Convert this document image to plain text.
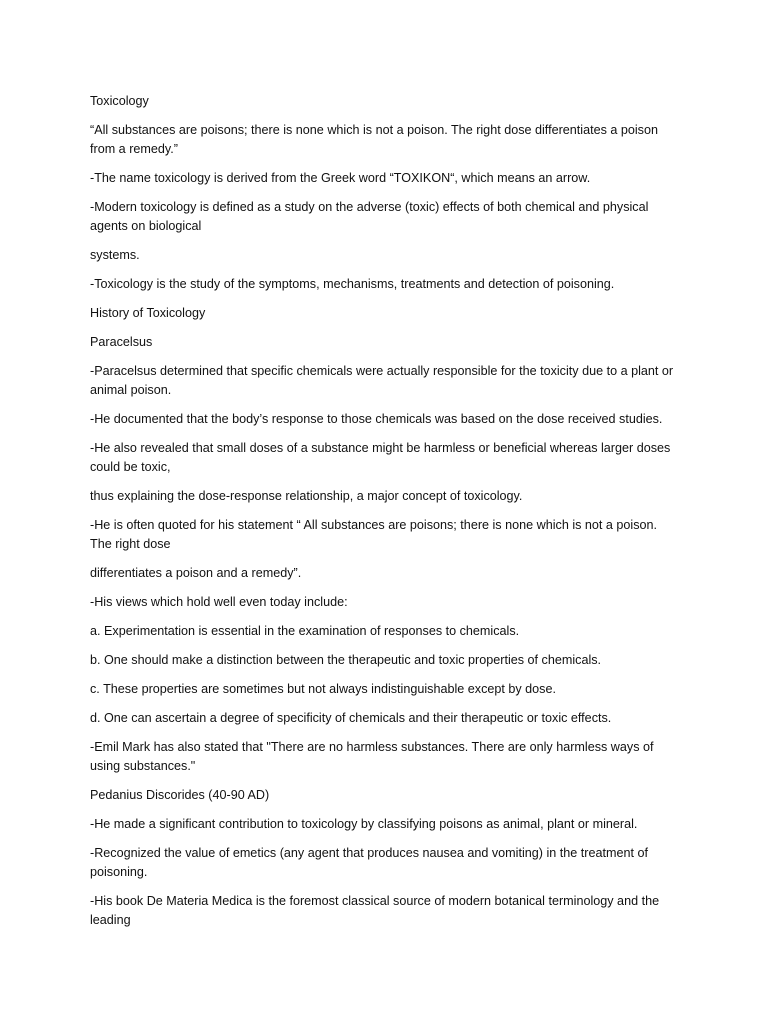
Toxicology

“All substances are poisons; there is none which is not a poison. The right dose differentiates a poison from a remedy.”

-The name toxicology is derived from the Greek word “TOXIKON“, which means an arrow.

-Modern toxicology is defined as a study on the adverse (toxic) effects of both chemical and physical agents on biological

systems.

-Toxicology is the study of the symptoms, mechanisms, treatments and detection of poisoning.

History of Toxicology

Paracelsus

-Paracelsus determined that specific chemicals were actually responsible for the toxicity due to a plant or animal poison.

-He documented that the body’s response to those chemicals was based on the dose received studies.

-He also revealed that small doses of a substance might be harmless or beneficial whereas larger doses could be toxic,

thus explaining the dose-response relationship, a major concept of toxicology.

-He is often quoted for his statement “ All substances are poisons; there is none which is not a poison. The right dose

differentiates a poison and a remedy”.

-His views which hold well even today include:

a. Experimentation is essential in the examination of responses to chemicals.

b. One should make a distinction between the therapeutic and toxic properties of chemicals.

c. These properties are sometimes but not always indistinguishable except by dose.

d. One can ascertain a degree of specificity of chemicals and their therapeutic or toxic effects.

-Emil Mark has also stated that "There are no harmless substances. There are only harmless ways of using substances."

Pedanius Discorides (40-90 AD)

-He made a significant contribution to toxicology by classifying poisons as animal, plant or mineral.

-Recognized the value of emetics (any agent that produces nausea and vomiting) in the treatment of poisoning.

-His book De Materia Medica is the foremost classical source of modern botanical terminology and the leading
